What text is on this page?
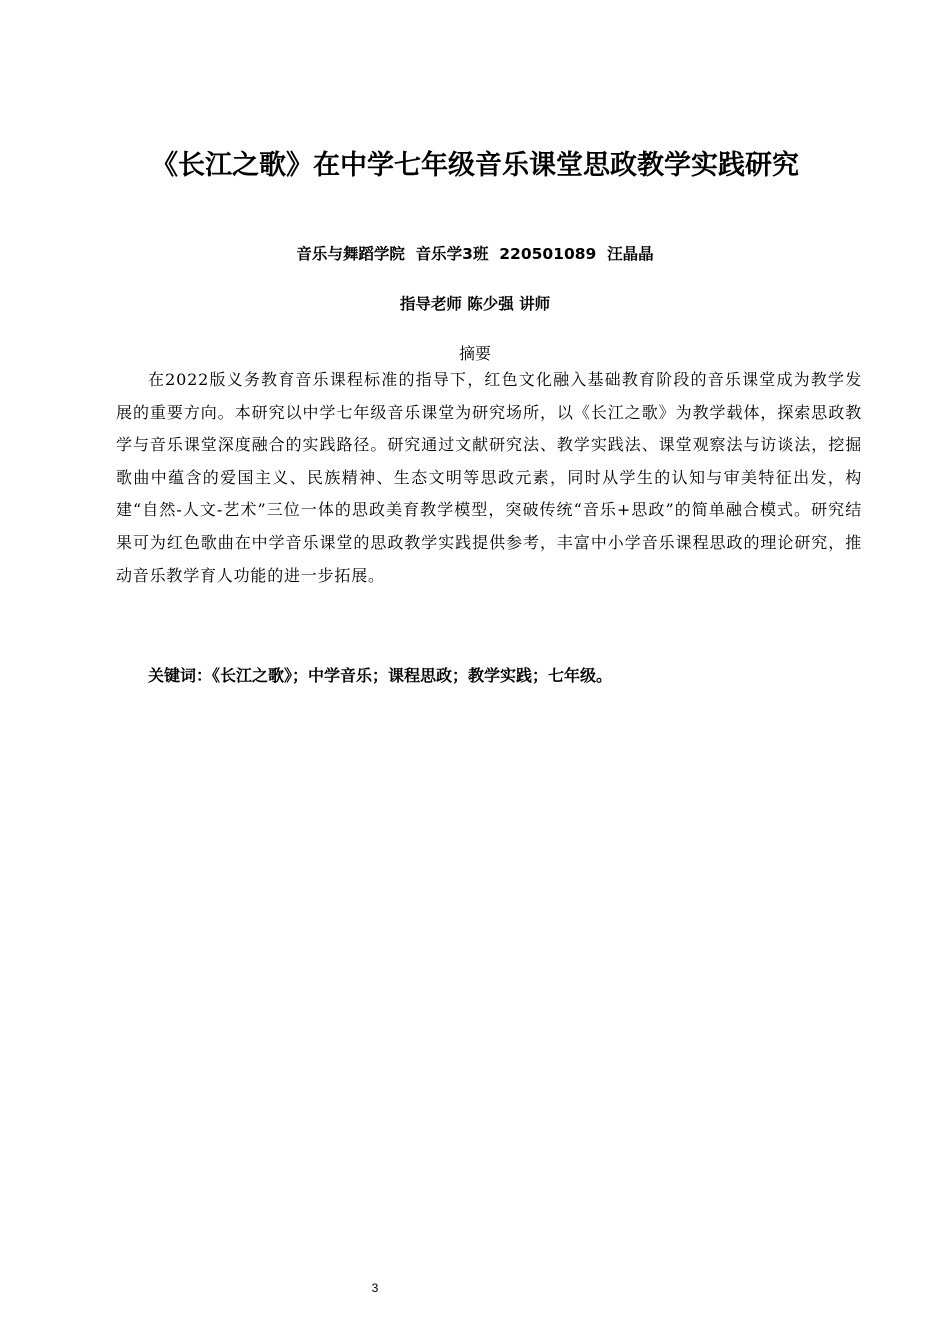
《长江之歌》在中学七年级音乐课堂思政教学实践研究
音乐与舞蹈学院  音乐学3班  220501089  汪晶晶
指导老师 陈少强 讲师
摘要
在2022版义务教育音乐课程标准的指导下，红色文化融入基础教育阶段的音乐课堂成为教学发展的重要方向。本研究以中学七年级音乐课堂为研究场所，以《长江之歌》为教学载体，探索思政教学与音乐课堂深度融合的实践路径。研究通过文献研究法、教学实践法、课堂观察法与访谈法，挖掘歌曲中蕴含的爱国主义、民族精神、生态文明等思政元素，同时从学生的认知与审美特征出发，构建“自然-人文-艺术”三位一体的思政美育教学模型，突破传统“音乐+思政”的简单融合模式。研究结果可为红色歌曲在中学音乐课堂的思政教学实践提供参考，丰富中小学音乐课程思政的理论研究，推动音乐教学育人功能的进一步拓展。
关键词：《长江之歌》；中学音乐；课程思政；教学实践；七年级。
3
